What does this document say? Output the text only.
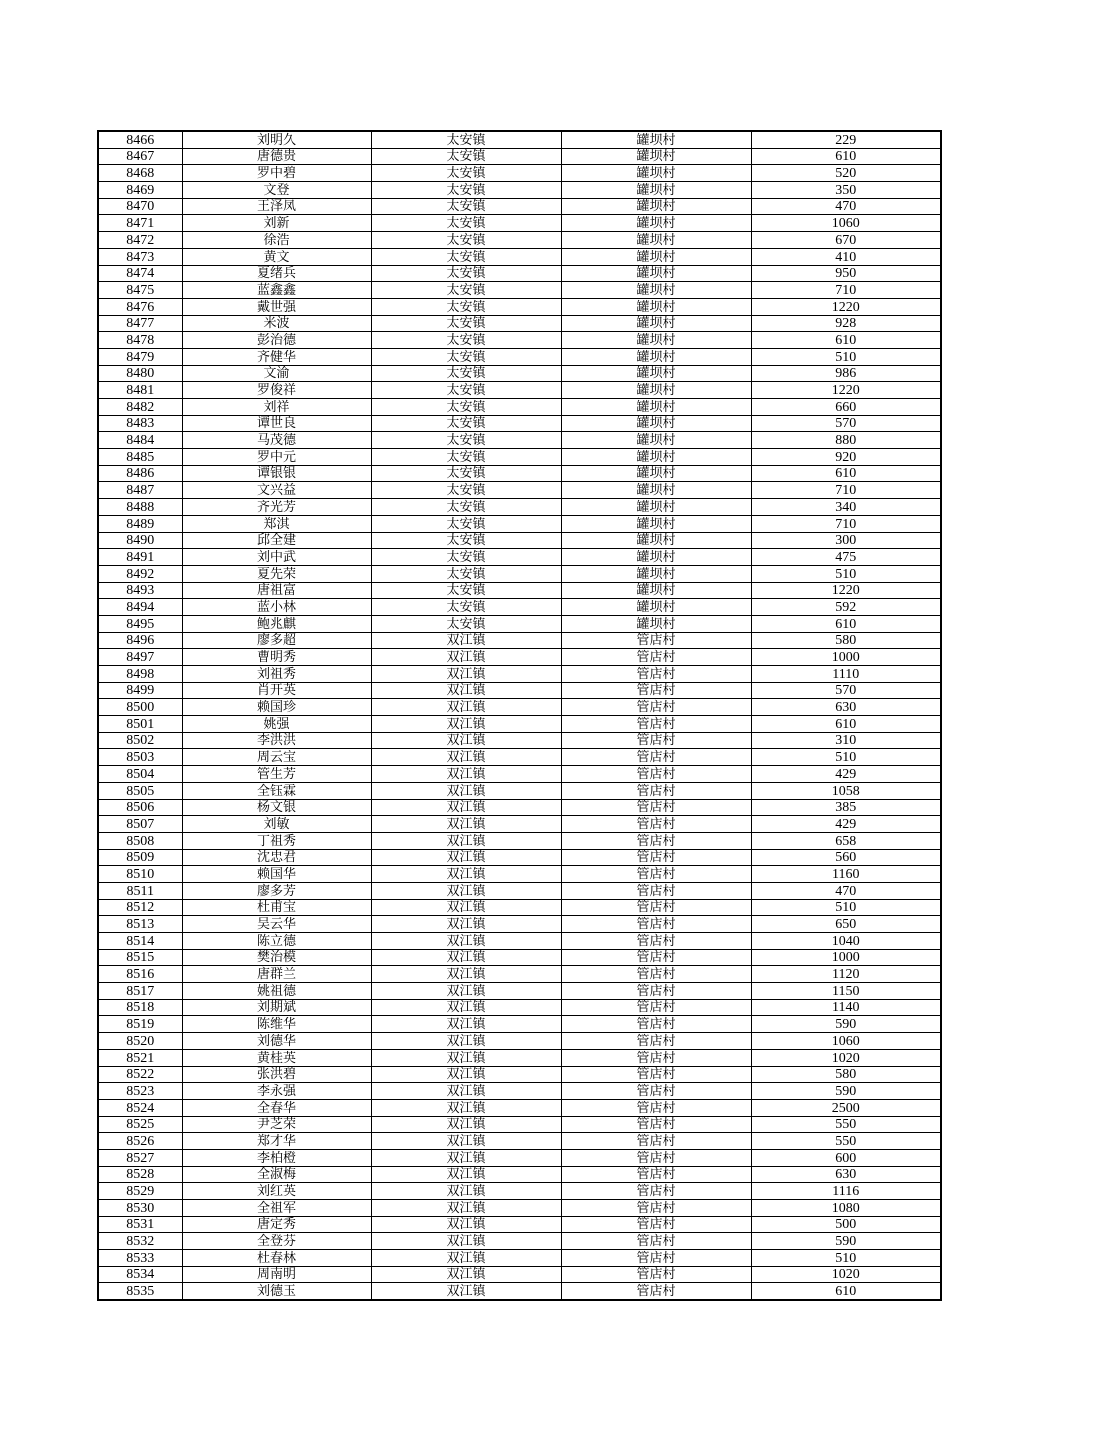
8466	刘明久	太安镇	罐坝村	229
8467	唐德贵	太安镇	罐坝村	610
8468	罗中碧	太安镇	罐坝村	520
8469	文登	太安镇	罐坝村	350
8470	王泽凤	太安镇	罐坝村	470
8471	刘新	太安镇	罐坝村	1060
8472	徐浩	太安镇	罐坝村	670
8473	黄文	太安镇	罐坝村	410
8474	夏绪兵	太安镇	罐坝村	950
8475	蓝鑫鑫	太安镇	罐坝村	710
8476	戴世强	太安镇	罐坝村	1220
8477	米波	太安镇	罐坝村	928
8478	彭治德	太安镇	罐坝村	610
8479	齐健华	太安镇	罐坝村	510
8480	文渝	太安镇	罐坝村	986
8481	罗俊祥	太安镇	罐坝村	1220
8482	刘祥	太安镇	罐坝村	660
8483	谭世良	太安镇	罐坝村	570
8484	马茂德	太安镇	罐坝村	880
8485	罗中元	太安镇	罐坝村	920
8486	谭银银	太安镇	罐坝村	610
8487	文兴益	太安镇	罐坝村	710
8488	齐光芳	太安镇	罐坝村	340
8489	郑淇	太安镇	罐坝村	710
8490	邱全建	太安镇	罐坝村	300
8491	刘中武	太安镇	罐坝村	475
8492	夏先荣	太安镇	罐坝村	510
8493	唐祖富	太安镇	罐坝村	1220
8494	蓝小林	太安镇	罐坝村	592
8495	鲍兆麒	太安镇	罐坝村	610
8496	廖多超	双江镇	管店村	580
8497	曹明秀	双江镇	管店村	1000
8498	刘祖秀	双江镇	管店村	1110
8499	肖开英	双江镇	管店村	570
8500	赖国珍	双江镇	管店村	630
8501	姚强	双江镇	管店村	610
8502	李洪洪	双江镇	管店村	310
8503	周云宝	双江镇	管店村	510
8504	管生芳	双江镇	管店村	429
8505	全钰霖	双江镇	管店村	1058
8506	杨文银	双江镇	管店村	385
8507	刘敏	双江镇	管店村	429
8508	丁祖秀	双江镇	管店村	658
8509	沈忠君	双江镇	管店村	560
8510	赖国华	双江镇	管店村	1160
8511	廖多芳	双江镇	管店村	470
8512	杜甫宝	双江镇	管店村	510
8513	吴云华	双江镇	管店村	650
8514	陈立德	双江镇	管店村	1040
8515	樊治模	双江镇	管店村	1000
8516	唐群兰	双江镇	管店村	1120
8517	姚祖德	双江镇	管店村	1150
8518	刘期斌	双江镇	管店村	1140
8519	陈维华	双江镇	管店村	590
8520	刘德华	双江镇	管店村	1060
8521	黄桂英	双江镇	管店村	1020
8522	张洪碧	双江镇	管店村	580
8523	李永强	双江镇	管店村	590
8524	全春华	双江镇	管店村	2500
8525	尹芝荣	双江镇	管店村	550
8526	郑才华	双江镇	管店村	550
8527	李柏橙	双江镇	管店村	600
8528	全淑梅	双江镇	管店村	630
8529	刘红英	双江镇	管店村	1116
8530	全祖军	双江镇	管店村	1080
8531	唐定秀	双江镇	管店村	500
8532	全登芬	双江镇	管店村	590
8533	杜春林	双江镇	管店村	510
8534	周南明	双江镇	管店村	1020
8535	刘德玉	双江镇	管店村	610
